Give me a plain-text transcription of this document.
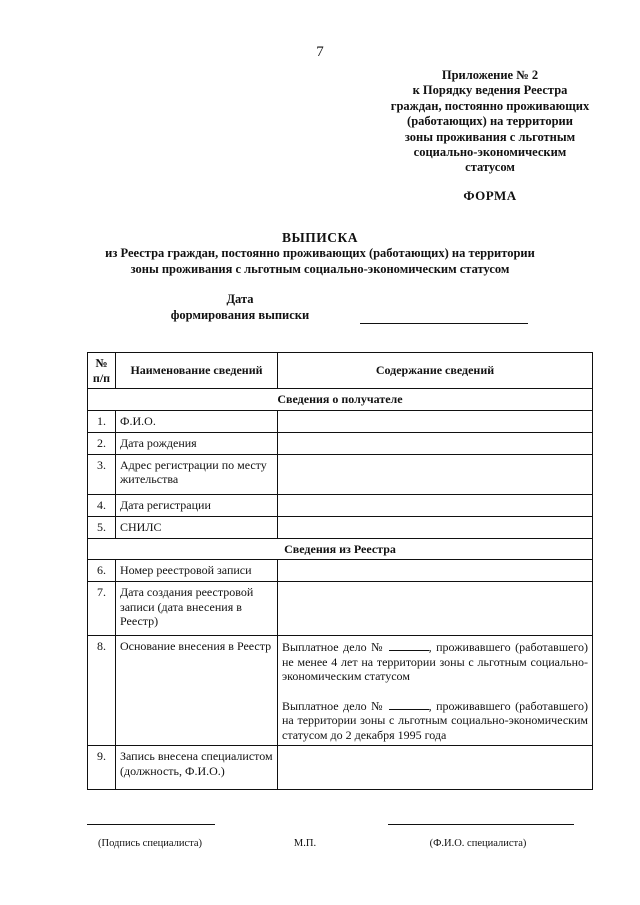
7
Приложение № 2
к Порядку ведения Реестра
граждан, постоянно проживающих
(работающих) на территории
зоны проживания с льготным
социально-экономическим
статусом
ФОРМА
ВЫПИСКА
из Реестра граждан, постоянно проживающих (работающих) на территории
зоны проживания с льготным социально-экономическим статусом
Дата
формирования выписки
№ п/п	Наименование сведений	Содержание сведений
Сведения о получателе		
1.	Ф.И.О.	
2.	Дата рождения	
3.	Адрес регистрации по месту жительства	
4.	Дата регистрации	
5.	СНИЛС	
Сведения из Реестра		
6.	Номер реестровой записи	
7.	Дата создания реестровой записи (дата внесения в Реестр)	
8.	Основание внесения в Реестр	Выплатное дело № , проживавшего (работавшего) не менее 4 лет на территории зоны с льготным социально-экономическим статусом
Выплатное дело № , проживавшего (работавшего) на территории зоны с льготным социально-экономическим статусом до 2 декабря 1995 года

9.	Запись внесена специалистом (должность, Ф.И.О.)	
(Подпись специалиста)	М.П.	(Ф.И.О. специалиста)
